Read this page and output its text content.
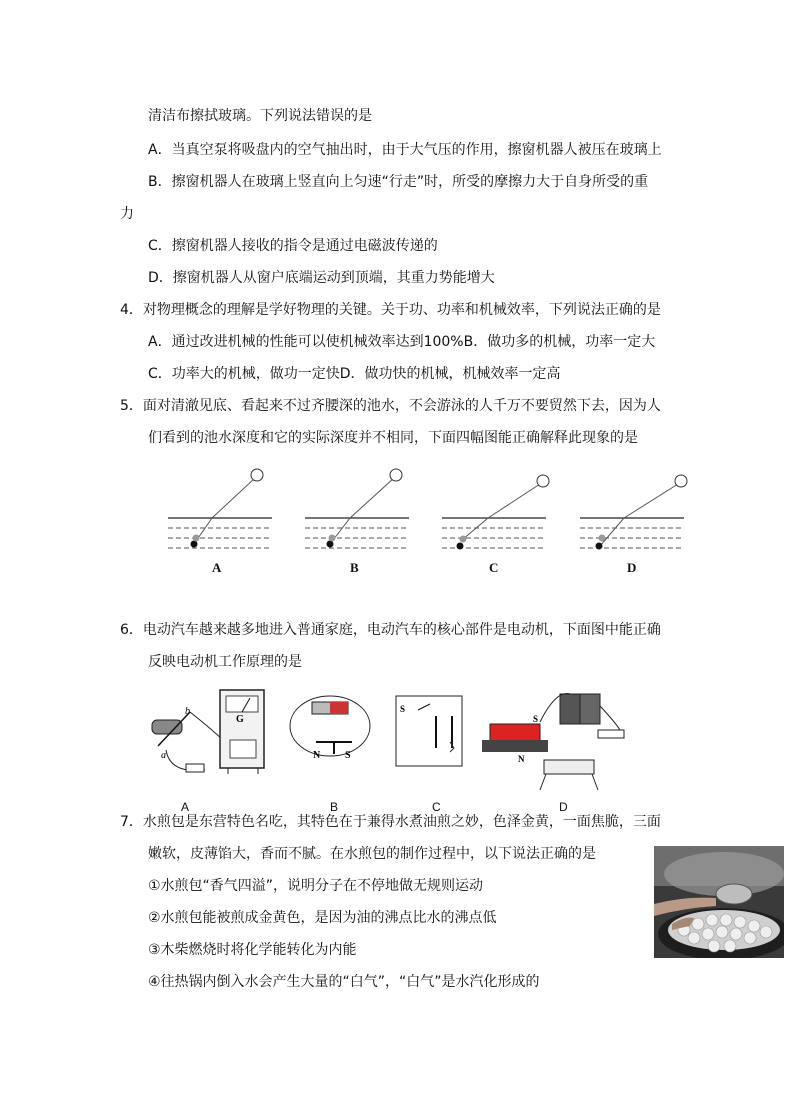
清洁布擦拭玻璃。下列说法错误的是
A．当真空泵将吸盘内的空气抽出时，由于大气压的作用，擦窗机器人被压在玻璃上
B．擦窗机器人在玻璃上竖直向上匀速“行走”时，所受的摩擦力大于自身所受的重
力
C．擦窗机器人接收的指令是通过电磁波传递的
D．擦窗机器人从窗户底端运动到顶端，其重力势能增大
4．对物理概念的理解是学好物理的关键。关于功、功率和机械效率，下列说法正确的是
A．通过改进机械的性能可以使机械效率达到100%B．做功多的机械，功率一定大
C．功率大的机械，做功一定快D．做功快的机械，机械效率一定高
5．面对清澈见底、看起来不过齐腰深的池水，不会游泳的人千万不要贸然下去，因为人
们看到的池水深度和它的实际深度并不相同，下面四幅图能正确解释此现象的是
A	B	C	D
6．电动汽车越来越多地进入普通家庭，电动汽车的核心部件是电动机，下面图中能正确
反映电动机工作原理的是
b
a
G
N S
S
S
N
A	B	C	D
7．水煎包是东营特色名吃，其特色在于兼得水煮油煎之妙，色泽金黄，一面焦脆，三面
嫩软，皮薄馅大，香而不腻。在水煎包的制作过程中，以下说法正确的是
①水煎包“香气四溢”，说明分子在不停地做无规则运动
②水煎包能被煎成金黄色，是因为油的沸点比水的沸点低
③木柴燃烧时将化学能转化为内能
④往热锅内倒入水会产生大量的“白气”，“白气”是水汽化形成的
